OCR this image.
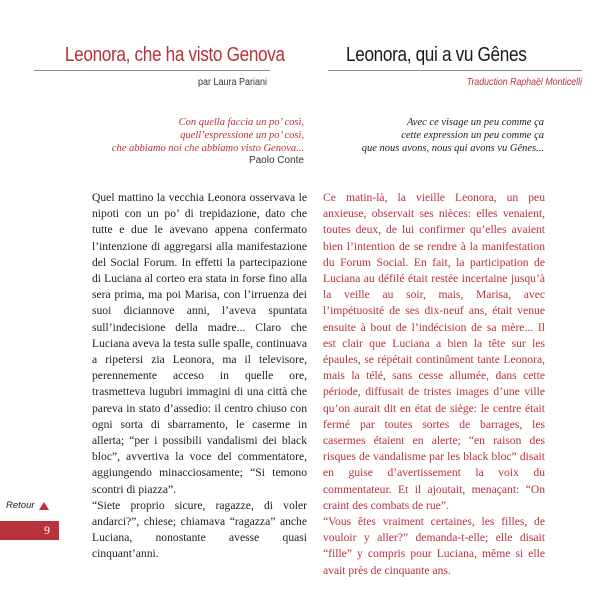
Leonora, che ha visto Genova
par Laura Pariani
Leonora, qui a vu Gênes
Traduction Raphaël Monticelli
Con quella faccia un po’ così,
quell’espressione un po’ così,
che abbiamo noi che abbiamo visto Genova...
Paolo Conte
Avec ce visage un peu comme ça
cette expression un peu comme ça
que nous avons, nous qui avons vu Gênes...

Quel mattino la vecchia Leonora osservava le nipoti con un po’ di trepidazione, dato che tutte e due le avevano appena confermato l’intenzione di aggregarsi alla manifestazione del Social Forum. In effetti la partecipazione di Luciana al corteo era stata in forse fino alla sera prima, ma poi Marisa, con l’irruenza dei suoi diciannove anni, l’aveva spuntata sull’indecisione della madre... Claro che Luciana aveva la testa sulle spalle, continuava a ripetersi zia Leonora, ma il televisore, perennemente acceso in quelle ore, trasmetteva lugubri immagini di una città che pareva in stato d’assedio: il centro chiuso con ogni sorta di sbarramento, le caserme in allerta; “per i possibili vandalismi dei black bloc”, avvertiva la voce del commentatore, aggiungendo minacciosamente; “Si temono scontri di piazza”.

“Siete proprio sicure, ragazze, di voler andarci?”, chiese; chiamava “ragazza” anche Luciana, nonostante avesse quasi cinquant’anni.

Ce matin-là, la vieille Leonora, un peu anxieuse, observait ses nièces: elles venaient, toutes deux, de lui confirmer qu’elles avaient bien l’intention de se rendre à la manifestation du Forum Social. En fait, la participation de Luciana au défilé était restée incertaine jusqu’à la veille au soir, mais, Marisa, avec l’impétuosité de ses dix-neuf ans, était venue ensuite à bout de l’indécision de sa mère... Il est clair que Luciana a bien la tête sur les épaules, se répétait continûment tante Leonora, mais la télé, sans cesse allumée, dans cette période, diffusait de tristes images d’une ville qu’on aurait dit en état de siège: le centre était fermé par toutes sortes de barrages, les casermes étaient en alerte; “en raison des risques de vandalisme par les black bloc” disait en guise d’avertissement la voix du commentateur. Et il ajoutait, menaçant: “On craint des combats de rue”.

“Vous êtes vraiment certaines, les filles, de vouloir y aller?” demanda-t-elle; elle disait “fille” y compris pour Luciana, même si elle avait près de cinquante ans.

Retour
9
